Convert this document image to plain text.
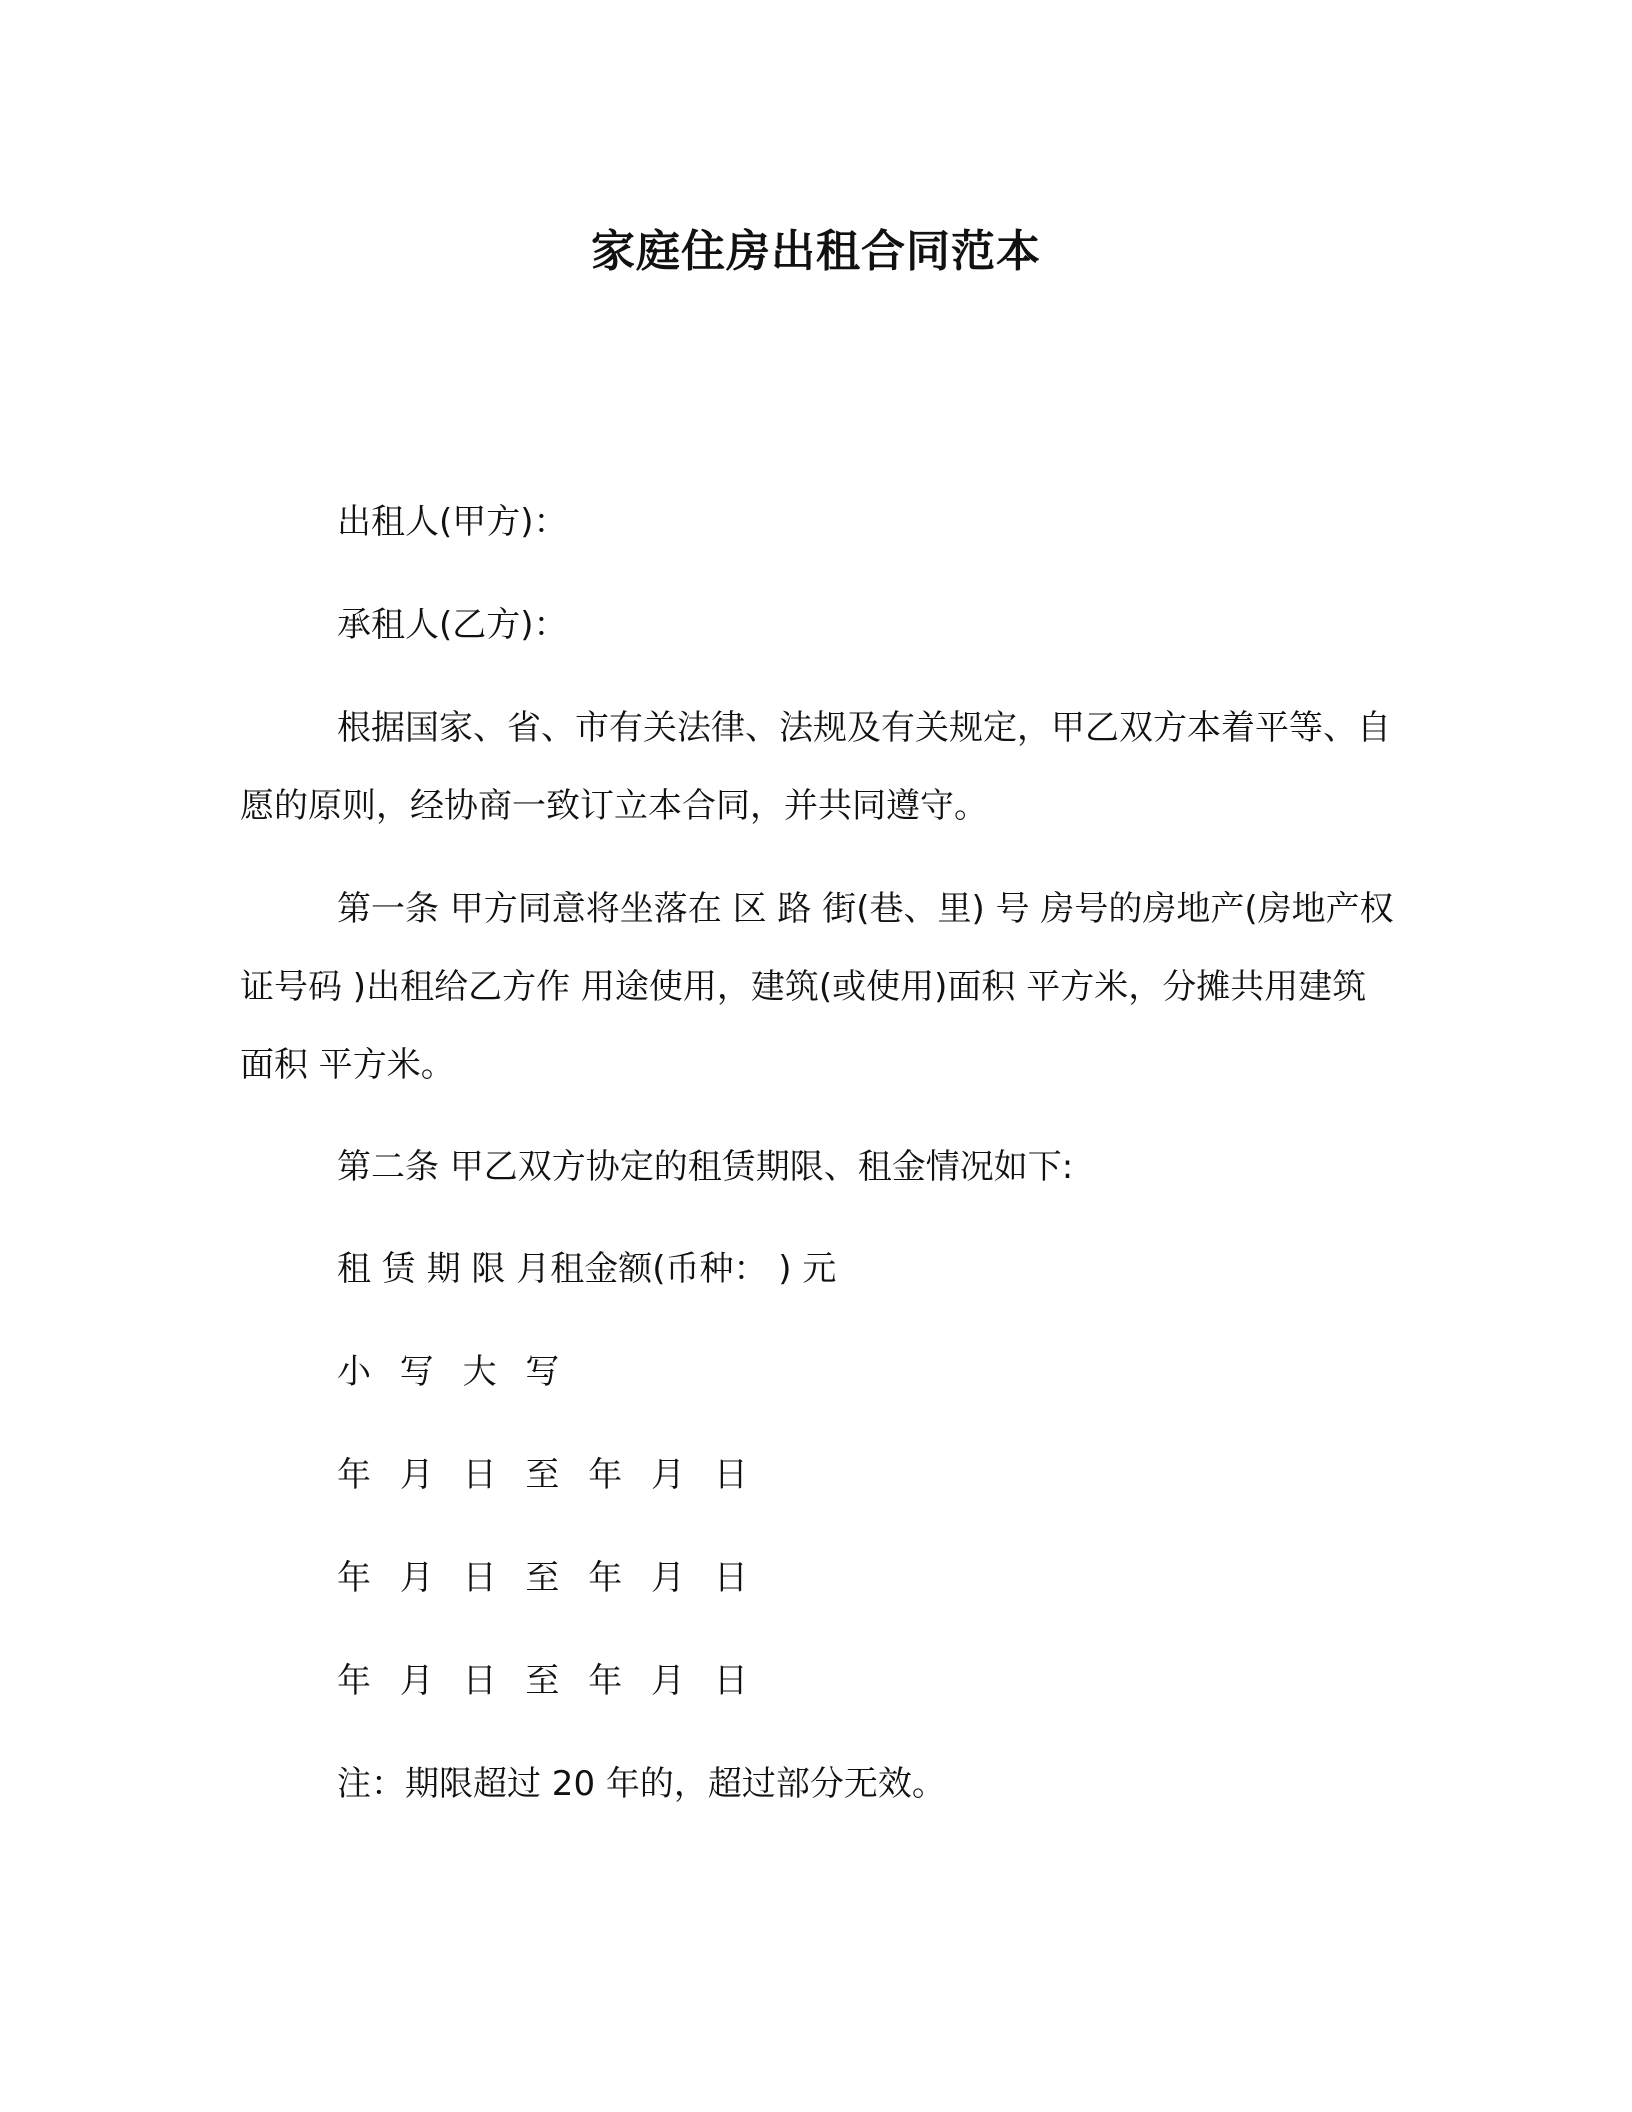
家庭住房出租合同范本

出租人(甲方)：

承租人(乙方)：

根据国家、省、市有关法律、法规及有关规定，甲乙双方本着平等、自愿的原则，经协商一致订立本合同，并共同遵守。

第一条 甲方同意将坐落在 区 路 街(巷、里) 号 房号的房地产(房地产权证号码 )出租给乙方作 用途使用，建筑(或使用)面积 平方米，分摊共用建筑面积 平方米。

第二条 甲乙双方协定的租赁期限、租金情况如下:

租 赁 期 限 月租金额(币种： ) 元

小 写 大 写

年 月 日 至 年 月 日

年 月 日 至 年 月 日

年 月 日 至 年 月 日

注：期限超过 20 年的，超过部分无效。
